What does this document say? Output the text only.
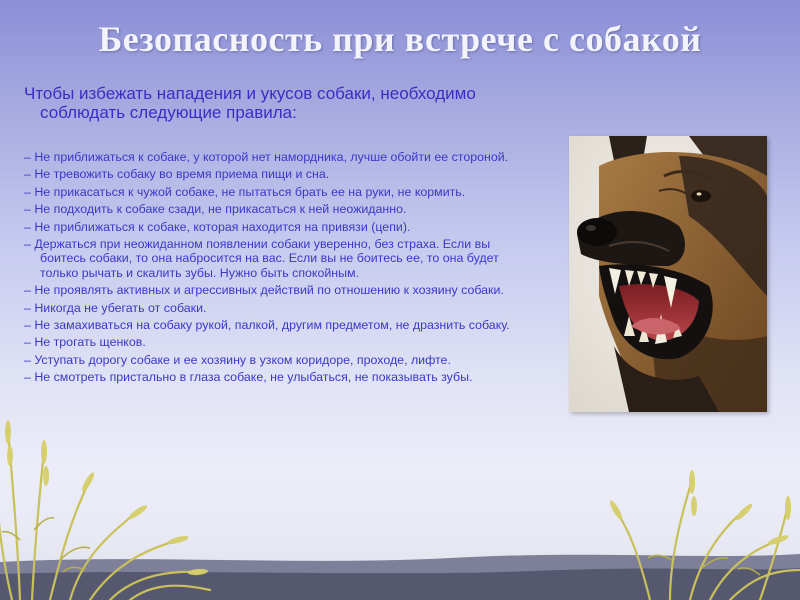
Безопасность при встрече с собакой

Чтобы избежать нападения и укусов собаки, необходимо соблюдать следующие правила:

– Не приближаться к собаке, у которой нет намордника, лучше обойти ее стороной.
– Не тревожить собаку во время приема пищи и сна.
– Не прикасаться к чужой собаке, не пытаться брать ее на руки, не кормить.
– Не подходить к собаке сзади, не прикасаться к ней неожиданно.
– Не приближаться к собаке, которая находится на привязи (цепи).
– Держаться при неожиданном появлении собаки уверенно, без страха. Если вы боитесь собаки, то она набросится на вас. Если вы не боитесь ее, то она будет только рычать и скалить зубы. Нужно быть спокойным.
– Не проявлять активных и агрессивных действий по отношению к хозяину собаки.
– Никогда не убегать от собаки.
– Не замахиваться на собаку рукой, палкой, другим предметом, не дразнить собаку.
– Не трогать щенков.
– Уступать дорогу собаке и ее хозяину в узком коридоре, проходе, лифте.
– Не смотреть пристально в глаза собаке, не улыбаться, не показывать зубы.
